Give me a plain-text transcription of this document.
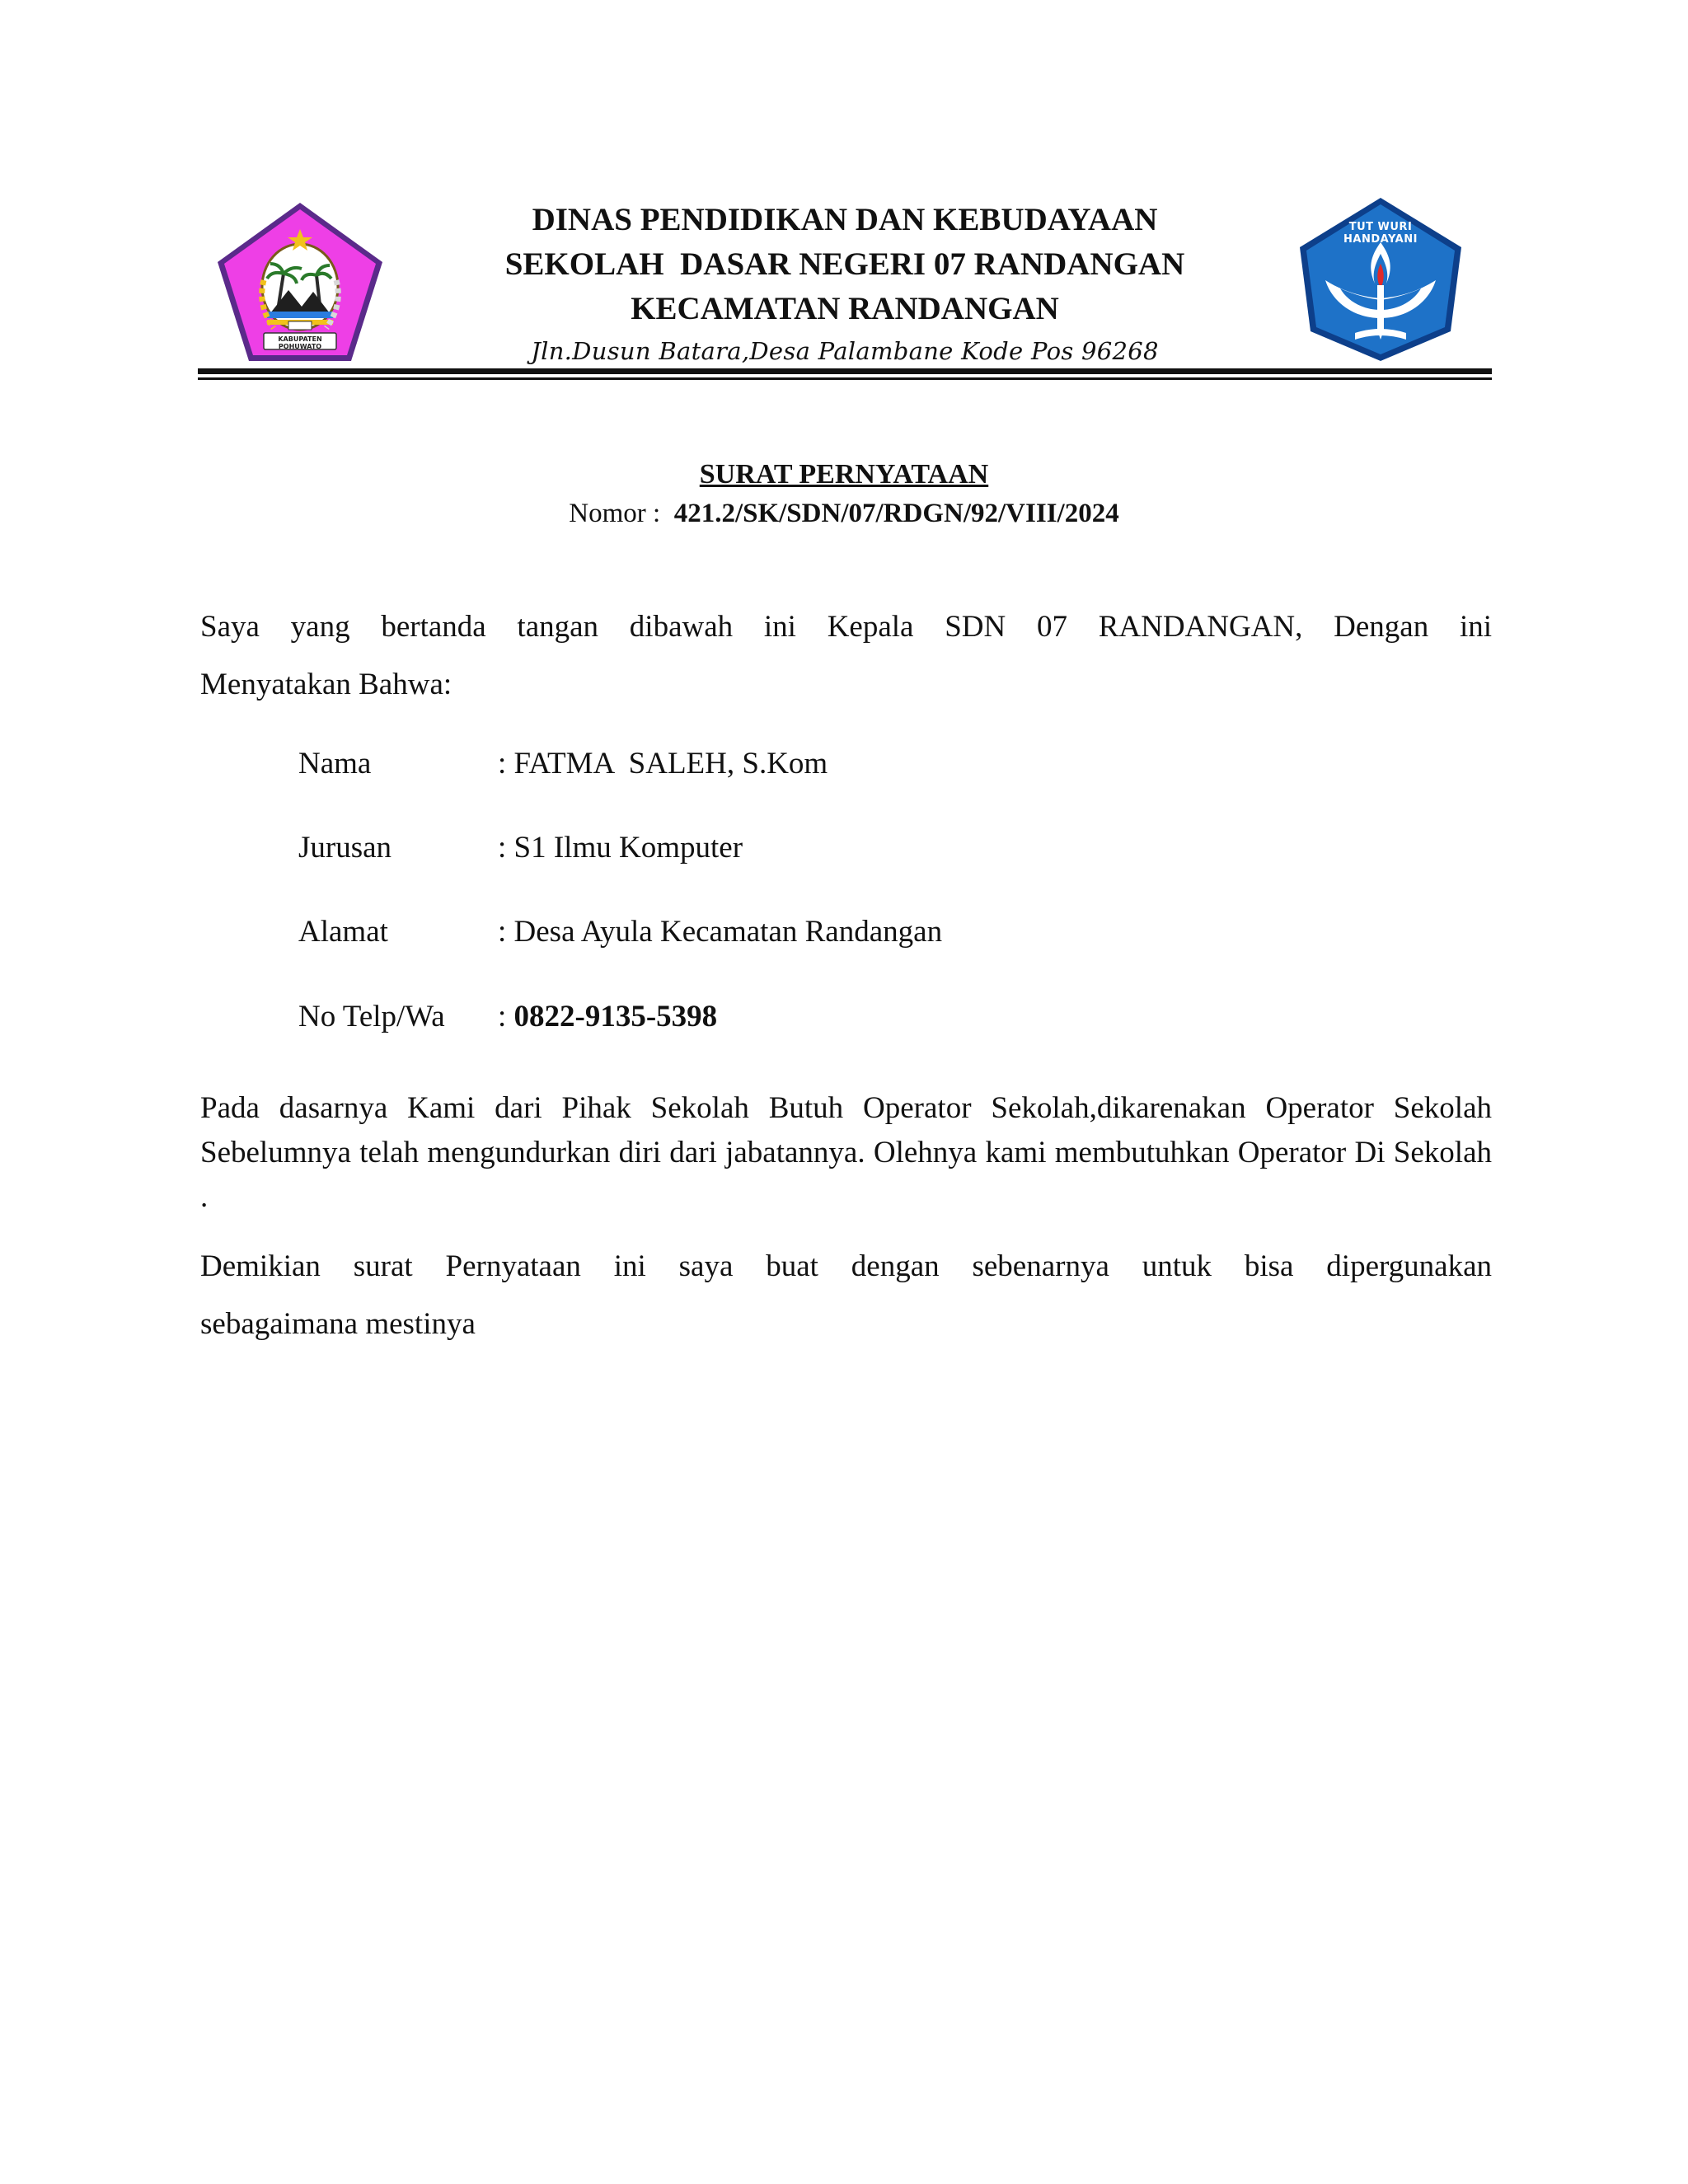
KABUPATEN POHUWATO
TUT WURI HANDAYANI
DINAS PENDIDIKAN DAN KEBUDAYAAN
SEKOLAH  DASAR NEGERI 07 RANDANGAN
KECAMATAN RANDANGAN
Jln.Dusun Batara,Desa Palambane Kode Pos 96268
SURAT PERNYATAAN
Nomor : 421.2/SK/SDN/07/RDGN/92/VIII/2024
Saya yang bertanda tangan dibawah ini Kepala SDN 07 RANDANGAN, Dengan ini
Menyatakan Bahwa:
Nama	: FATMA  SALEH, S.Kom
Jurusan	: S1 Ilmu Komputer
Alamat	: Desa Ayula Kecamatan Randangan
No Telp/Wa : 0822-9135-5398
Pada dasarnya Kami dari Pihak Sekolah Butuh Operator Sekolah,dikarenakan Operator Sekolah Sebelumnya telah mengundurkan diri dari jabatannya. Olehnya kami membutuhkan Operator Di Sekolah .
Demikian surat Pernyataan ini saya buat dengan sebenarnya untuk bisa dipergunakan
sebagaimana mestinya
